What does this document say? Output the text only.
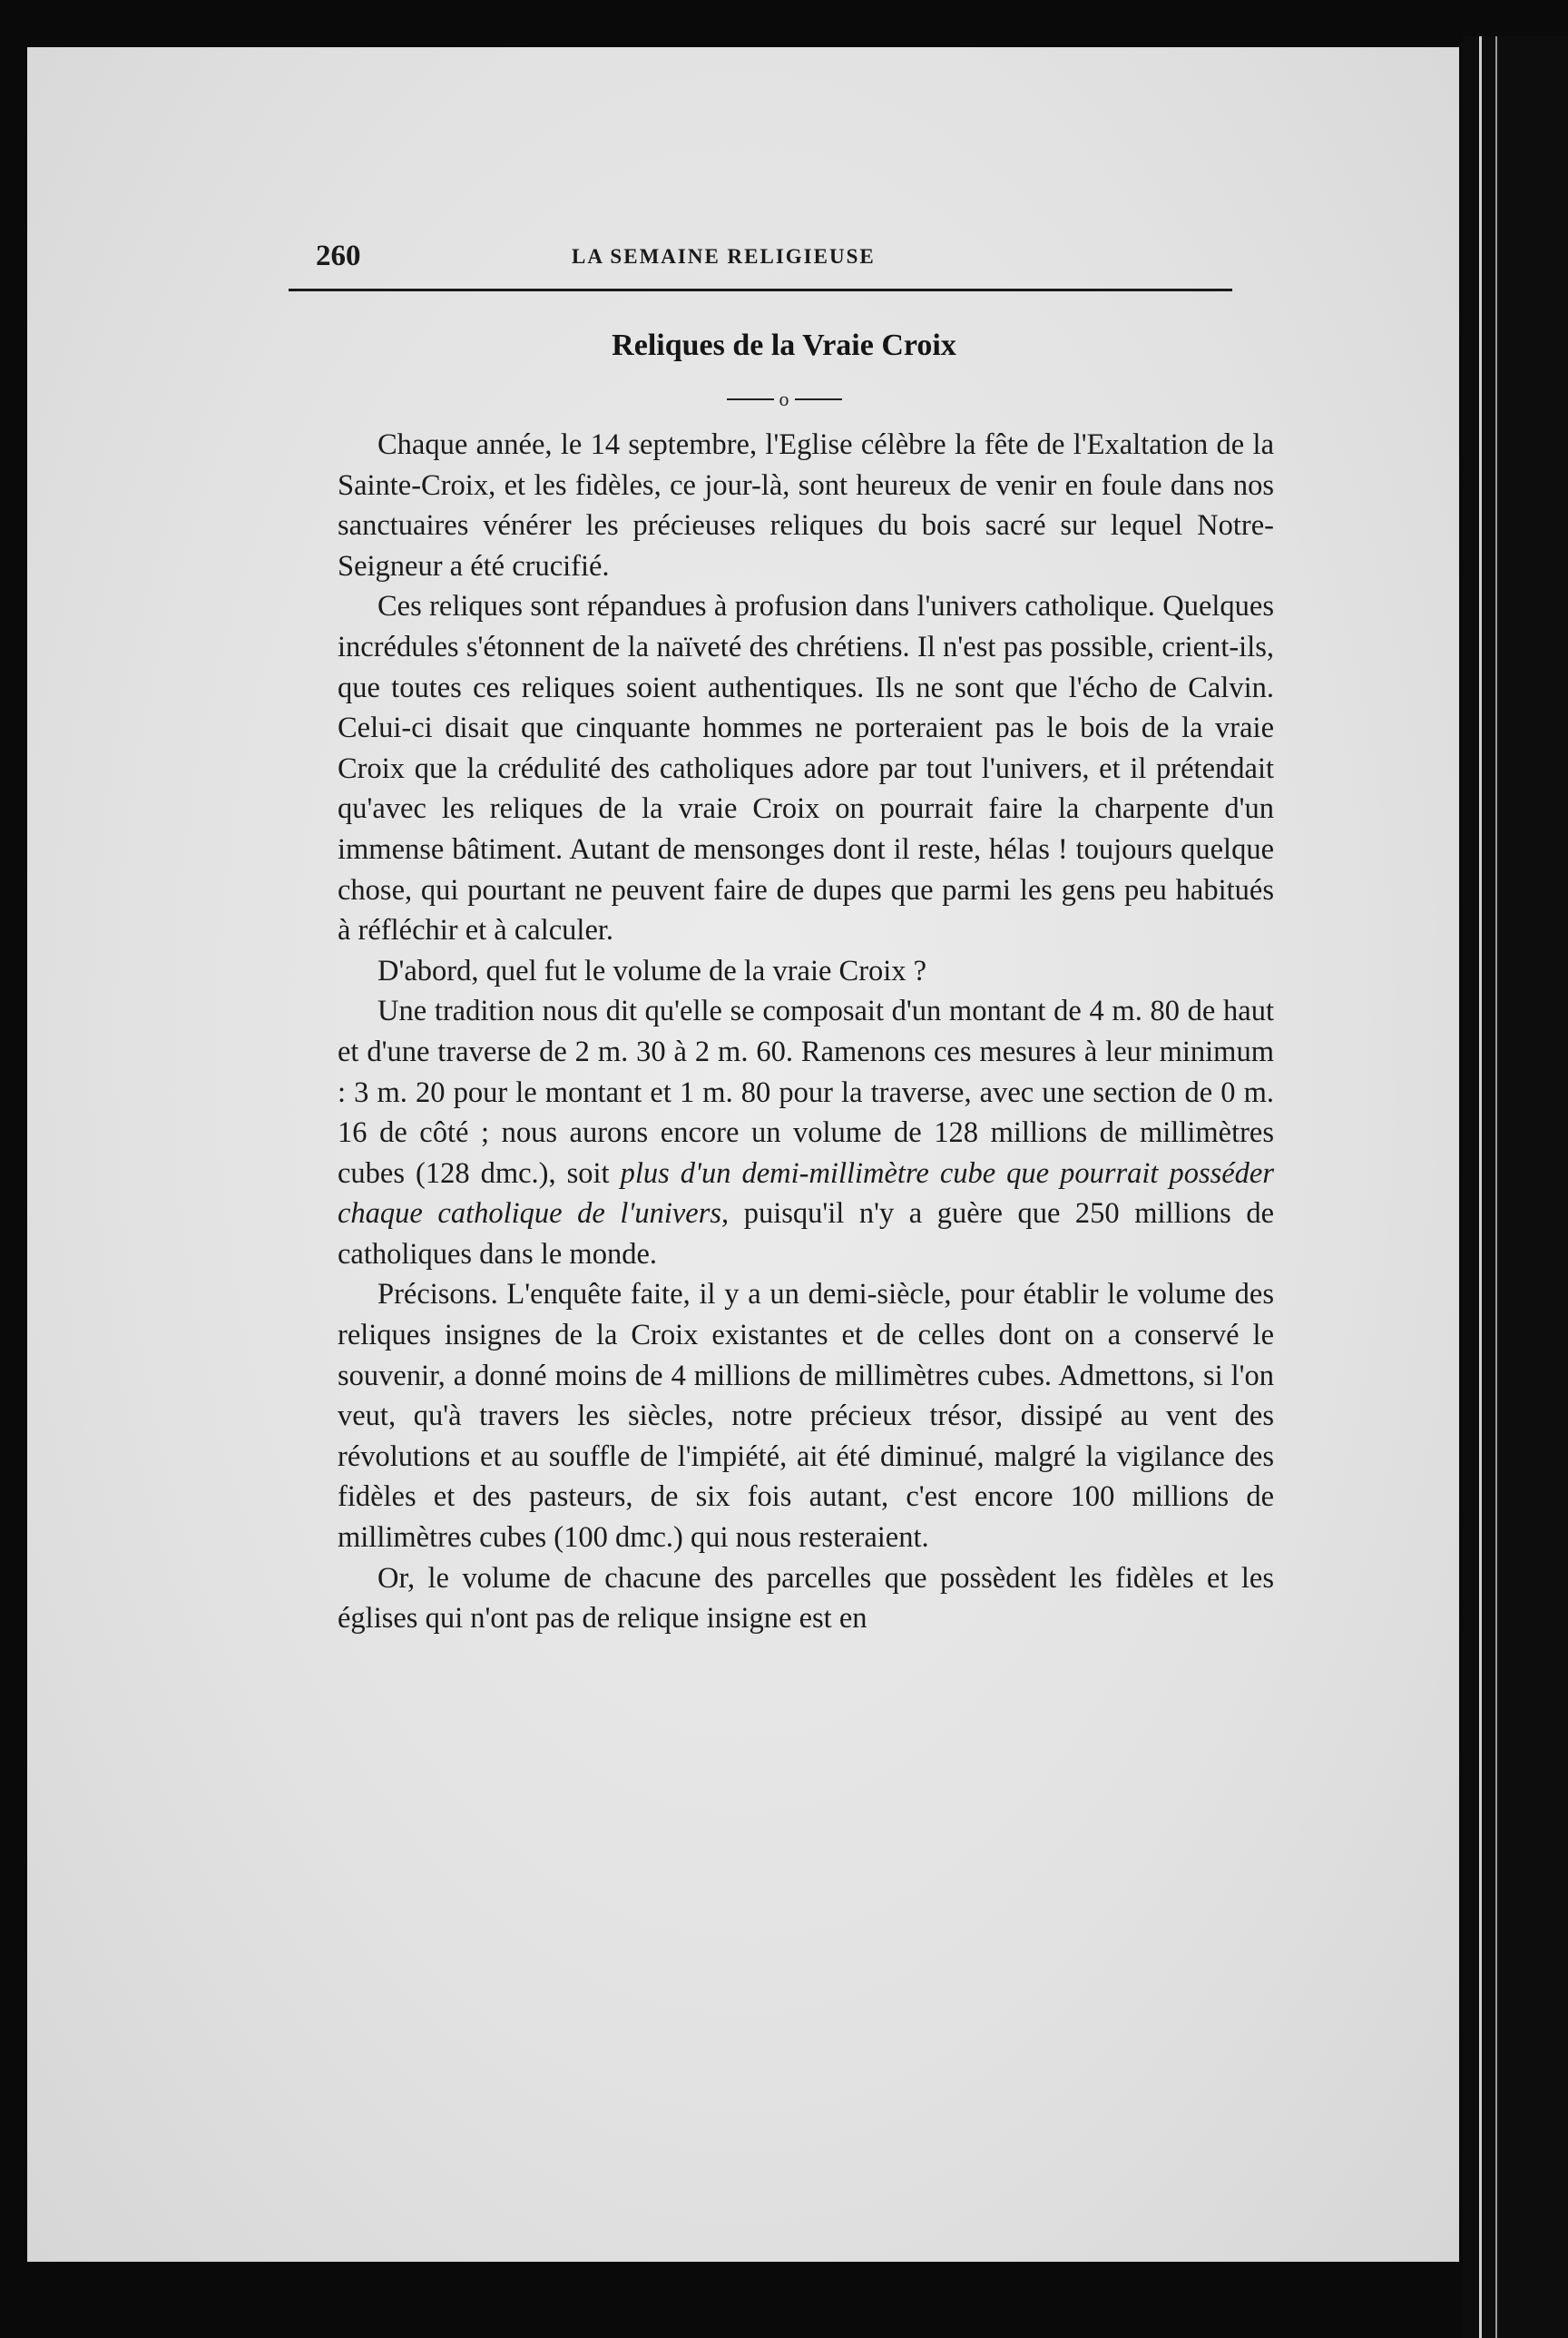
260	LA SEMAINE RELIGIEUSE
Reliques de la Vraie Croix
o

Chaque année, le 14 septembre, l'Eglise célèbre la fête de l'Exaltation de la Sainte-Croix, et les fidèles, ce jour-là, sont heureux de venir en foule dans nos sanctuaires vénérer les précieuses reliques du bois sacré sur lequel Notre-Seigneur a été crucifié.

Ces reliques sont répandues à profusion dans l'univers catholique. Quelques incrédules s'étonnent de la naïveté des chrétiens. Il n'est pas possible, crient-ils, que toutes ces reliques soient authentiques. Ils ne sont que l'écho de Calvin. Celui-ci disait que cinquante hommes ne porteraient pas le bois de la vraie Croix que la crédulité des catholiques adore par tout l'univers, et il prétendait qu'avec les reliques de la vraie Croix on pourrait faire la charpente d'un immense bâtiment. Autant de mensonges dont il reste, hélas ! toujours quelque chose, qui pourtant ne peuvent faire de dupes que parmi les gens peu habitués à réfléchir et à calculer.

D'abord, quel fut le volume de la vraie Croix ?

Une tradition nous dit qu'elle se composait d'un montant de 4 m. 80 de haut et d'une traverse de 2 m. 30 à 2 m. 60. Ramenons ces mesures à leur minimum : 3 m. 20 pour le montant et 1 m. 80 pour la traverse, avec une section de 0 m. 16 de côté ; nous aurons encore un volume de 128 millions de millimètres cubes (128 dmc.), soit plus d'un demi-millimètre cube que pourrait posséder chaque catholique de l'univers, puisqu'il n'y a guère que 250 millions de catholiques dans le monde.

Précisons. L'enquête faite, il y a un demi-siècle, pour établir le volume des reliques insignes de la Croix existantes et de celles dont on a conservé le souvenir, a donné moins de 4 millions de millimètres cubes. Admettons, si l'on veut, qu'à travers les siècles, notre précieux trésor, dissipé au vent des révolutions et au souffle de l'impiété, ait été diminué, malgré la vigilance des fidèles et des pasteurs, de six fois autant, c'est encore 100 millions de millimètres cubes (100 dmc.) qui nous resteraient.

Or, le volume de chacune des parcelles que possèdent les fidèles et les églises qui n'ont pas de relique insigne est en
